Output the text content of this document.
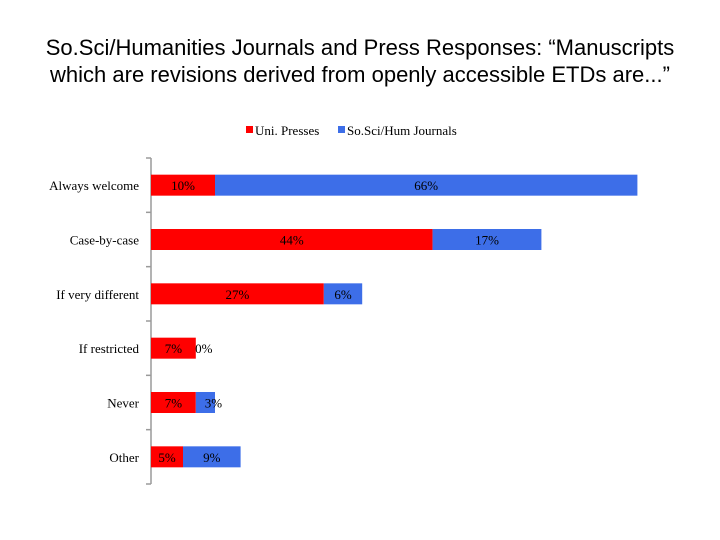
So.Sci/Humanities Journals and Press Responses: “Manuscripts
which are revisions derived from openly accessible ETDs are...”
10%	66%
Always welcome
44%	17%
Case-by-case
27%	6%
If very different
7% 0%
If restricted
7% 3%
Never
5% 9%
Other
Uni. Presses So.Sci/Hum Journals
